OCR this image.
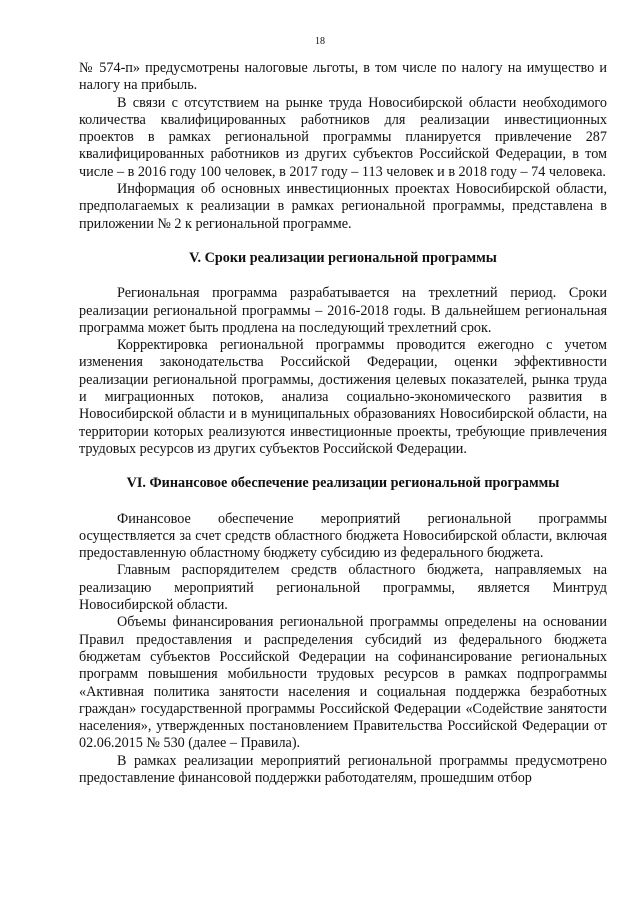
18

№ 574-п» предусмотрены налоговые льготы, в том числе по налогу на имущество и налогу на прибыль.

В связи с отсутствием на рынке труда Новосибирской области необходимого количества квалифицированных работников для реализации инвестиционных проектов в рамках региональной программы планируется привлечение 287 квалифицированных работников из других субъектов Российской Федерации, в том числе – в 2016 году 100 человек, в 2017 году – 113 человек и в 2018 году – 74 человека.

Информация об основных инвестиционных проектах Новосибирской области, предполагаемых к реализации в рамках региональной программы, представлена в приложении № 2 к региональной программе.

V. Сроки реализации региональной программы

Региональная программа разрабатывается на трехлетний период. Сроки реализации региональной программы – 2016-2018 годы. В дальнейшем региональная программа может быть продлена на последующий трехлетний срок.

Корректировка региональной программы проводится ежегодно с учетом изменения законодательства Российской Федерации, оценки эффективности реализации региональной программы, достижения целевых показателей, рынка труда и миграционных потоков, анализа социально-экономического развития в Новосибирской области и в муниципальных образованиях Новосибирской области, на территории которых реализуются инвестиционные проекты, требующие привлечения трудовых ресурсов из других субъектов Российской Федерации.

VI. Финансовое обеспечение реализации региональной программы

Финансовое обеспечение мероприятий региональной программы осуществляется за счет средств областного бюджета Новосибирской области, включая предоставленную областному бюджету субсидию из федерального бюджета.

Главным распорядителем средств областного бюджета, направляемых на реализацию мероприятий региональной программы, является Минтруд Новосибирской области.

Объемы финансирования региональной программы определены на основании Правил предоставления и распределения субсидий из федерального бюджета бюджетам субъектов Российской Федерации на софинансирование региональных программ повышения мобильности трудовых ресурсов в рамках подпрограммы «Активная политика занятости населения и социальная поддержка безработных граждан» государственной программы Российской Федерации «Содействие занятости населения», утвержденных постановлением Правительства Российской Федерации от 02.06.2015 № 530 (далее – Правила).

В рамках реализации мероприятий региональной программы предусмотрено предоставление финансовой поддержки работодателям, прошедшим отбор
